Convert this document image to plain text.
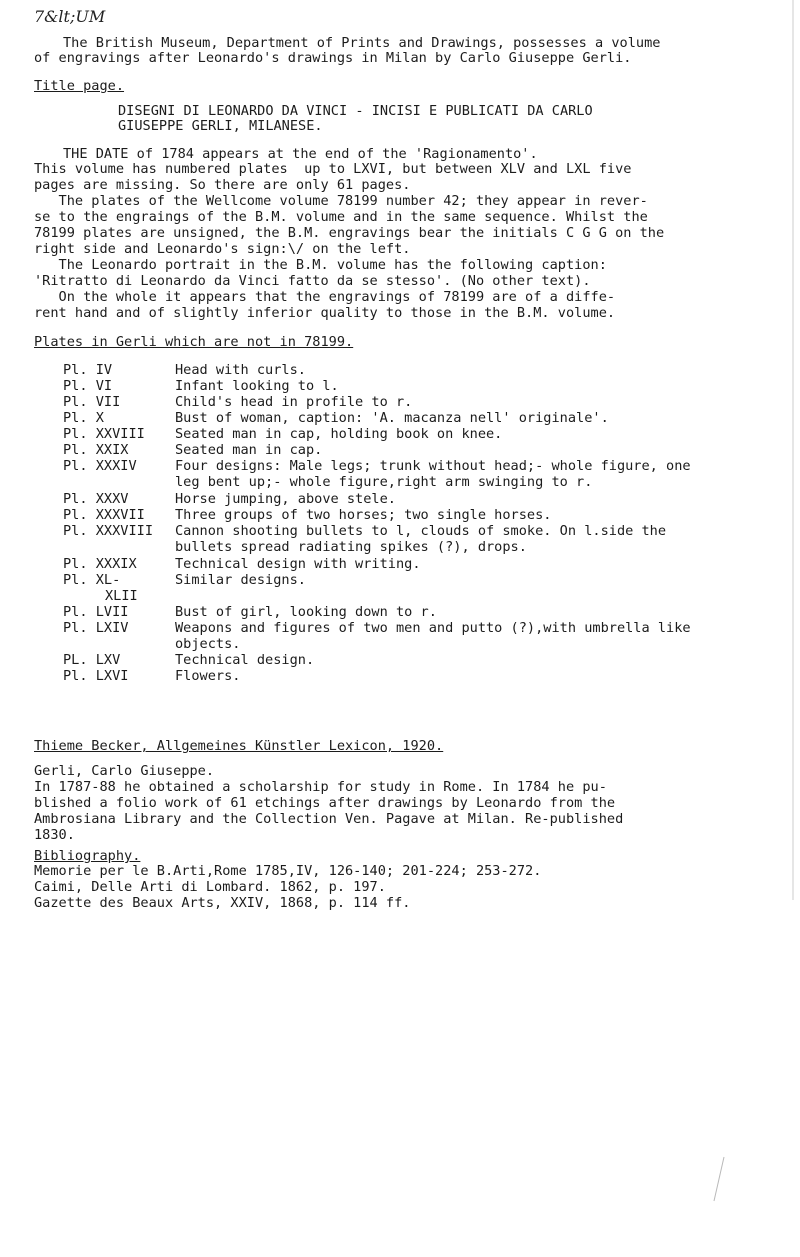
7&lt;UM
The British Museum, Department of Prints and Drawings, possesses a volume
of engravings after Leonardo's drawings in Milan by Carlo Giuseppe Gerli.
Title page.
DISEGNI DI LEONARDO DA VINCI - INCISI E PUBLICATI DA CARLO
GIUSEPPE GERLI, MILANESE.
THE DATE of 1784 appears at the end of the 'Ragionamento'.
This volume has numbered plates  up to LXVI, but between XLV and LXL five
pages are missing. So there are only 61 pages.
The plates of the Wellcome volume 78199 number 42; they appear in rever-
se to the engraings of the B.M. volume and in the same sequence. Whilst the
78199 plates are unsigned, the B.M. engravings bear the initials C G G on the
right side and Leonardo's sign:\/ on the left.
The Leonardo portrait in the B.M. volume has the following caption:
'Ritratto di Leonardo da Vinci fatto da se stesso'. (No other text).
On the whole it appears that the engravings of 78199 are of a diffe-
rent hand and of slightly inferior quality to those in the B.M. volume.
Plates in Gerli which are not in 78199.
Pl. IV	Head with curls.
Pl. VI	Infant looking to l.
Pl. VII	Child's head in profile to r.
Pl. X	Bust of woman, caption: 'A. macanza nell' originale'.
Pl. XXVIII Seated man in cap, holding book on knee.
Pl. XXIX	Seated man in cap.
Pl. XXXIV	Four designs: Male legs; trunk without head;- whole figure, one
leg bent up;- whole figure,right arm swinging to r.
Pl. XXXV	Horse jumping, above stele.
Pl. XXXVII Three groups of two horses; two single horses.
Pl. XXXVIII Cannon shooting bullets to l, clouds of smoke. On l.side the
bullets spread radiating spikes (?), drops.
Pl. XXXIX	Technical design with writing.
Pl. XL-	Similar designs.
XLII
Pl. LVII	Bust of girl, looking down to r.
Pl. LXIV	Weapons and figures of two men and putto (?),with umbrella like
objects.
PL. LXV	Technical design.
Pl. LXVI	Flowers.
Thieme Becker, Allgemeines Künstler Lexicon, 1920.
Gerli, Carlo Giuseppe.
In 1787-88 he obtained a scholarship for study in Rome. In 1784 he pu-
blished a folio work of 61 etchings after drawings by Leonardo from the
Ambrosiana Library and the Collection Ven. Pagave at Milan. Re-published
1830.
Bibliography.
Memorie per le B.Arti,Rome 1785,IV, 126-140; 201-224; 253-272.
Caimi, Delle Arti di Lombard. 1862, p. 197.
Gazette des Beaux Arts, XXIV, 1868, p. 114 ff.
